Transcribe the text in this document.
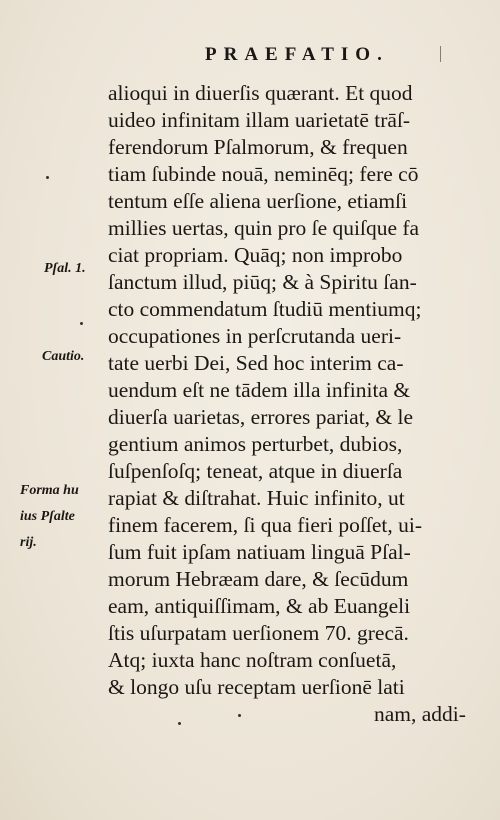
PRAEFATIO.
alioqui in diuerſis quærant. Et quod
uideo infinitam illam uarietatē trāſ-
ferendorum Pſalmorum, & frequen
tiam ſubinde nouā, neminēq; fere cō
tentum eſſe aliena uerſione, etiamſi
millies uertas, quin pro ſe quiſque fa
ciat propriam. Quāq; non improbo
ſanctum illud, piūq; & à Spiritu ſan-
cto commendatum ſtudiū mentiumq;
occupationes in perſcrutanda ueri-
tate uerbi Dei, Sed hoc interim ca-
uendum eſt ne tādem illa infinita &
diuerſa uarietas, errores pariat, & le
gentium animos perturbet, dubios,
ſuſpenſoſq; teneat, atque in diuerſa
rapiat & diſtrahat. Huic infinito, ut
finem facerem, ſi qua fieri poſſet, ui-
ſum fuit ipſam natiuam linguā Pſal-
morum Hebræam dare, & ſecūdum
eam, antiquiſſimam, & ab Euangeli
ſtis uſurpatam uerſionem 70. grecā.
Atq; iuxta hanc noſtram conſuetā,
& longo uſu receptam uerſionē lati
nam, addi-
Pſal. 1.
Cautio.
Forma hu
ius Pſalte
rij.
